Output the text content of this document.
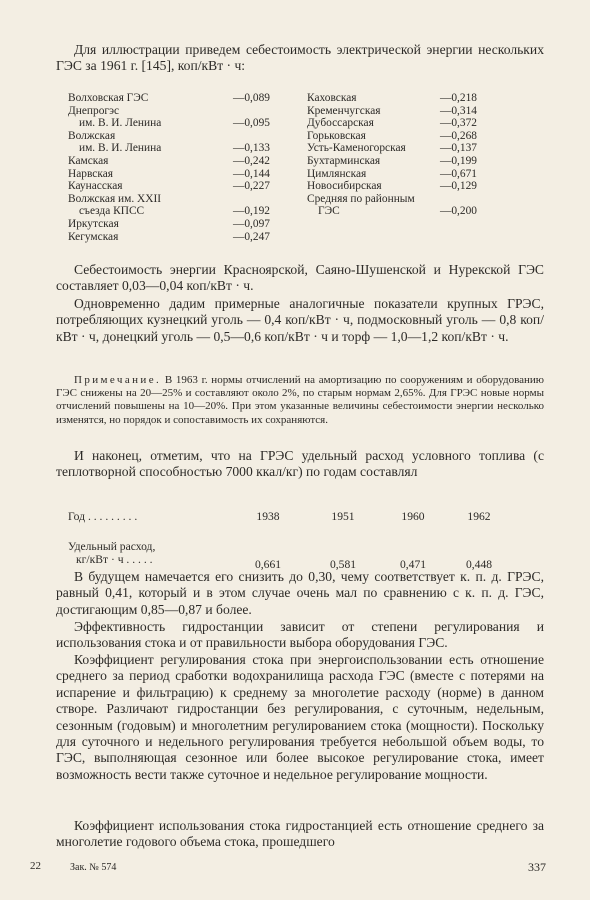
Для иллюстрации приведем себестоимость электрической энергии нескольких ГЭС за 1961 г. [145], коп/кВт · ч:

Волховская ГЭС	—0,089
Днепрогэс
им. В. И. Ленина	—0,095
Волжская
им. В. И. Ленина	—0,133
Камская	—0,242
Нарвская	—0,144
Каунасская	—0,227
Волжская им. XXII
съезда КПСС	—0,192
Иркутская	—0,097
Кегумская	—0,247
Каховская	—0,218
Кременчугская	—0,314
Дубоссарская	—0,372
Горьковская	—0,268
Усть-Каменогорская	—0,137
Бухтарминская	—0,199
Цимлянская	—0,671
Новосибирская	—0,129
Средняя по районным
ГЭС	—0,200

Себестоимость энергии Красноярской, Саяно-Шушенской и Нурекской ГЭС составляет 0,03—0,04 коп/кВт · ч.

Одновременно дадим примерные аналогичные показатели крупных ГРЭС, потребляющих кузнецкий уголь — 0,4 коп/кВт · ч, подмосковный уголь — 0,8 коп/кВт · ч, донецкий уголь — 0,5—0,6 коп/кВт · ч и торф — 1,0—1,2 коп/кВт · ч.

Примечание. В 1963 г. нормы отчислений на амортизацию по сооружениям и оборудованию ГЭС снижены на 20—25% и составляют около 2%, по старым нормам 2,65%. Для ГРЭС новые нормы отчислений повышены на 10—20%. При этом указанные величины себестоимости энергии несколько изменятся, но порядок и сопоставимость их сохраняются.

И наконец, отметим, что на ГРЭС удельный расход условного топлива (с теплотворной способностью 7000 ккал/кг) по годам составлял

Год . . . . . . . . .	1938	1951	1960	1962
Удельный расход,
кг/кВт · ч . . . . .	0,661	0,581	0,471	0,448

В будущем намечается его снизить до 0,30, чему соответствует к. п. д. ГРЭС, равный 0,41, который и в этом случае очень мал по сравнению с к. п. д. ГЭС, достигающим 0,85—0,87 и более.

Эффективность гидростанции зависит от степени регулирования и использования стока и от правильности выбора оборудования ГЭС.

Коэффициент регулирования стока при энергоиспользовании есть отношение среднего за период сработки водохранилища расхода ГЭС (вместе с потерями на испарение и фильтрацию) к среднему за многолетие расходу (норме) в данном створе. Различают гидростанции без регулирования, с суточным, недельным, сезонным (годовым) и многолетним регулированием стока (мощности). Поскольку для суточного и недельного регулирования требуется небольшой объем воды, то ГЭС, выполняющая сезонное или более высокое регулирование стока, имеет возможность вести также суточное и недельное регулирование мощности.

Коэффициент использования стока гидростанцией есть отношение среднего за многолетие годового объема стока, прошедшего

22	Зак. № 574	337
